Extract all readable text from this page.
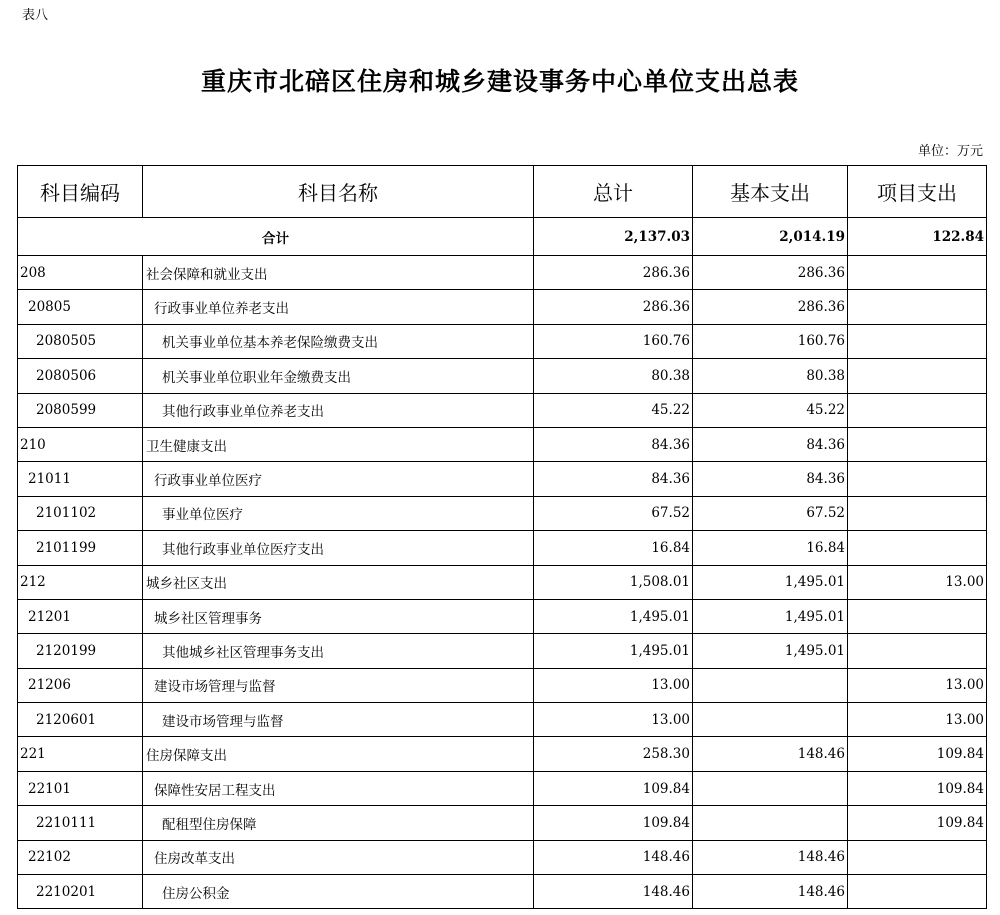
表八
重庆市北碚区住房和城乡建设事务中心单位支出总表
单位：万元
科目编码	科目名称	总计	基本支出	项目支出
合计		2,137.03	2,014.19	122.84
208	社会保障和就业支出	286.36	286.36	
20805	行政事业单位养老支出	286.36	286.36	
2080505	机关事业单位基本养老保险缴费支出	160.76	160.76	
2080506	机关事业单位职业年金缴费支出	80.38	80.38	
2080599	其他行政事业单位养老支出	45.22	45.22	
210	卫生健康支出	84.36	84.36	
21011	行政事业单位医疗	84.36	84.36	
2101102	事业单位医疗	67.52	67.52	
2101199	其他行政事业单位医疗支出	16.84	16.84	
212	城乡社区支出	1,508.01	1,495.01	13.00
21201	城乡社区管理事务	1,495.01	1,495.01	
2120199	其他城乡社区管理事务支出	1,495.01	1,495.01	
21206	建设市场管理与监督	13.00		13.00
2120601	建设市场管理与监督	13.00		13.00
221	住房保障支出	258.30	148.46	109.84
22101	保障性安居工程支出	109.84		109.84
2210111	配租型住房保障	109.84		109.84
22102	住房改革支出	148.46	148.46	
2210201	住房公积金	148.46	148.46	
